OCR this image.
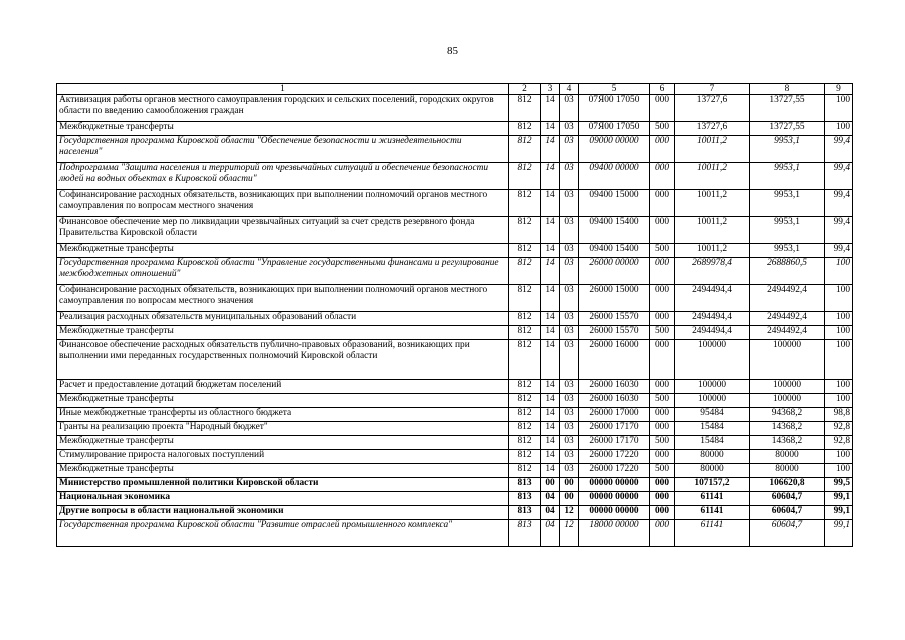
85
1	2	3	4	5	6	7	8	9
Активизация работы органов местного самоуправления городских и сельских поселений, городских округов области по введению самообложения граждан	812	14	03	07Я00 17050	000	13727,6	13727,55	100
Межбюджетные трансферты	812	14	03	07Я00 17050	500	13727,6	13727,55	100
Государственная программа Кировской области "Обеспечение безопасности и жизнедеятельности населения"	812	14	03	09000 00000	000	10011,2	9953,1	99,4
Подпрограмма "Защита населения и территорий от чрезвычайных ситуаций и обеспечение безопасности людей на водных объектах в Кировской области"	812	14	03	09400 00000	000	10011,2	9953,1	99,4
Софинансирование расходных обязательств, возникающих при выполнении полномочий органов местного самоуправления по вопросам местного значения	812	14	03	09400 15000	000	10011,2	9953,1	99,4
Финансовое обеспечение мер по ликвидации чрезвычайных ситуаций за счет средств резервного фонда Правительства Кировской области	812	14	03	09400 15400	000	10011,2	9953,1	99,4
Межбюджетные трансферты	812	14	03	09400 15400	500	10011,2	9953,1	99,4
Государственная программа Кировской области "Управление государственными финансами и регулирование межбюджетных отношений"	812	14	03	26000 00000	000	2689978,4	2688860,5	100
Софинансирование расходных обязательств, возникающих при выполнении полномочий органов местного самоуправления по вопросам местного значения	812	14	03	26000 15000	000	2494494,4	2494492,4	100
Реализация расходных обязательств муниципальных образований области	812	14	03	26000 15570	000	2494494,4	2494492,4	100
Межбюджетные трансферты	812	14	03	26000 15570	500	2494494,4	2494492,4	100
Финансовое обеспечение расходных обязательств публично-правовых образований, возникающих при выполнении ими переданных государственных полномочий Кировской области	812	14	03	26000 16000	000	100000	100000	100
Расчет и предоставление дотаций бюджетам поселений	812	14	03	26000 16030	000	100000	100000	100
Межбюджетные трансферты	812	14	03	26000 16030	500	100000	100000	100
Иные межбюджетные трансферты из областного бюджета	812	14	03	26000 17000	000	95484	94368,2	98,8
Гранты на реализацию проекта "Народный бюджет"	812	14	03	26000 17170	000	15484	14368,2	92,8
Межбюджетные трансферты	812	14	03	26000 17170	500	15484	14368,2	92,8
Стимулирование прироста налоговых поступлений	812	14	03	26000 17220	000	80000	80000	100
Межбюджетные трансферты	812	14	03	26000 17220	500	80000	80000	100
Министерство промышленной политики Кировской области	813	00	00	00000 00000	000	107157,2	106620,8	99,5
Национальная экономика	813	04	00	00000 00000	000	61141	60604,7	99,1
Другие вопросы в области национальной экономики	813	04	12	00000 00000	000	61141	60604,7	99,1
Государственная программа Кировской области "Развитие отраслей промышленного комплекса"	813	04	12	18000 00000	000	61141	60604,7	99,1
